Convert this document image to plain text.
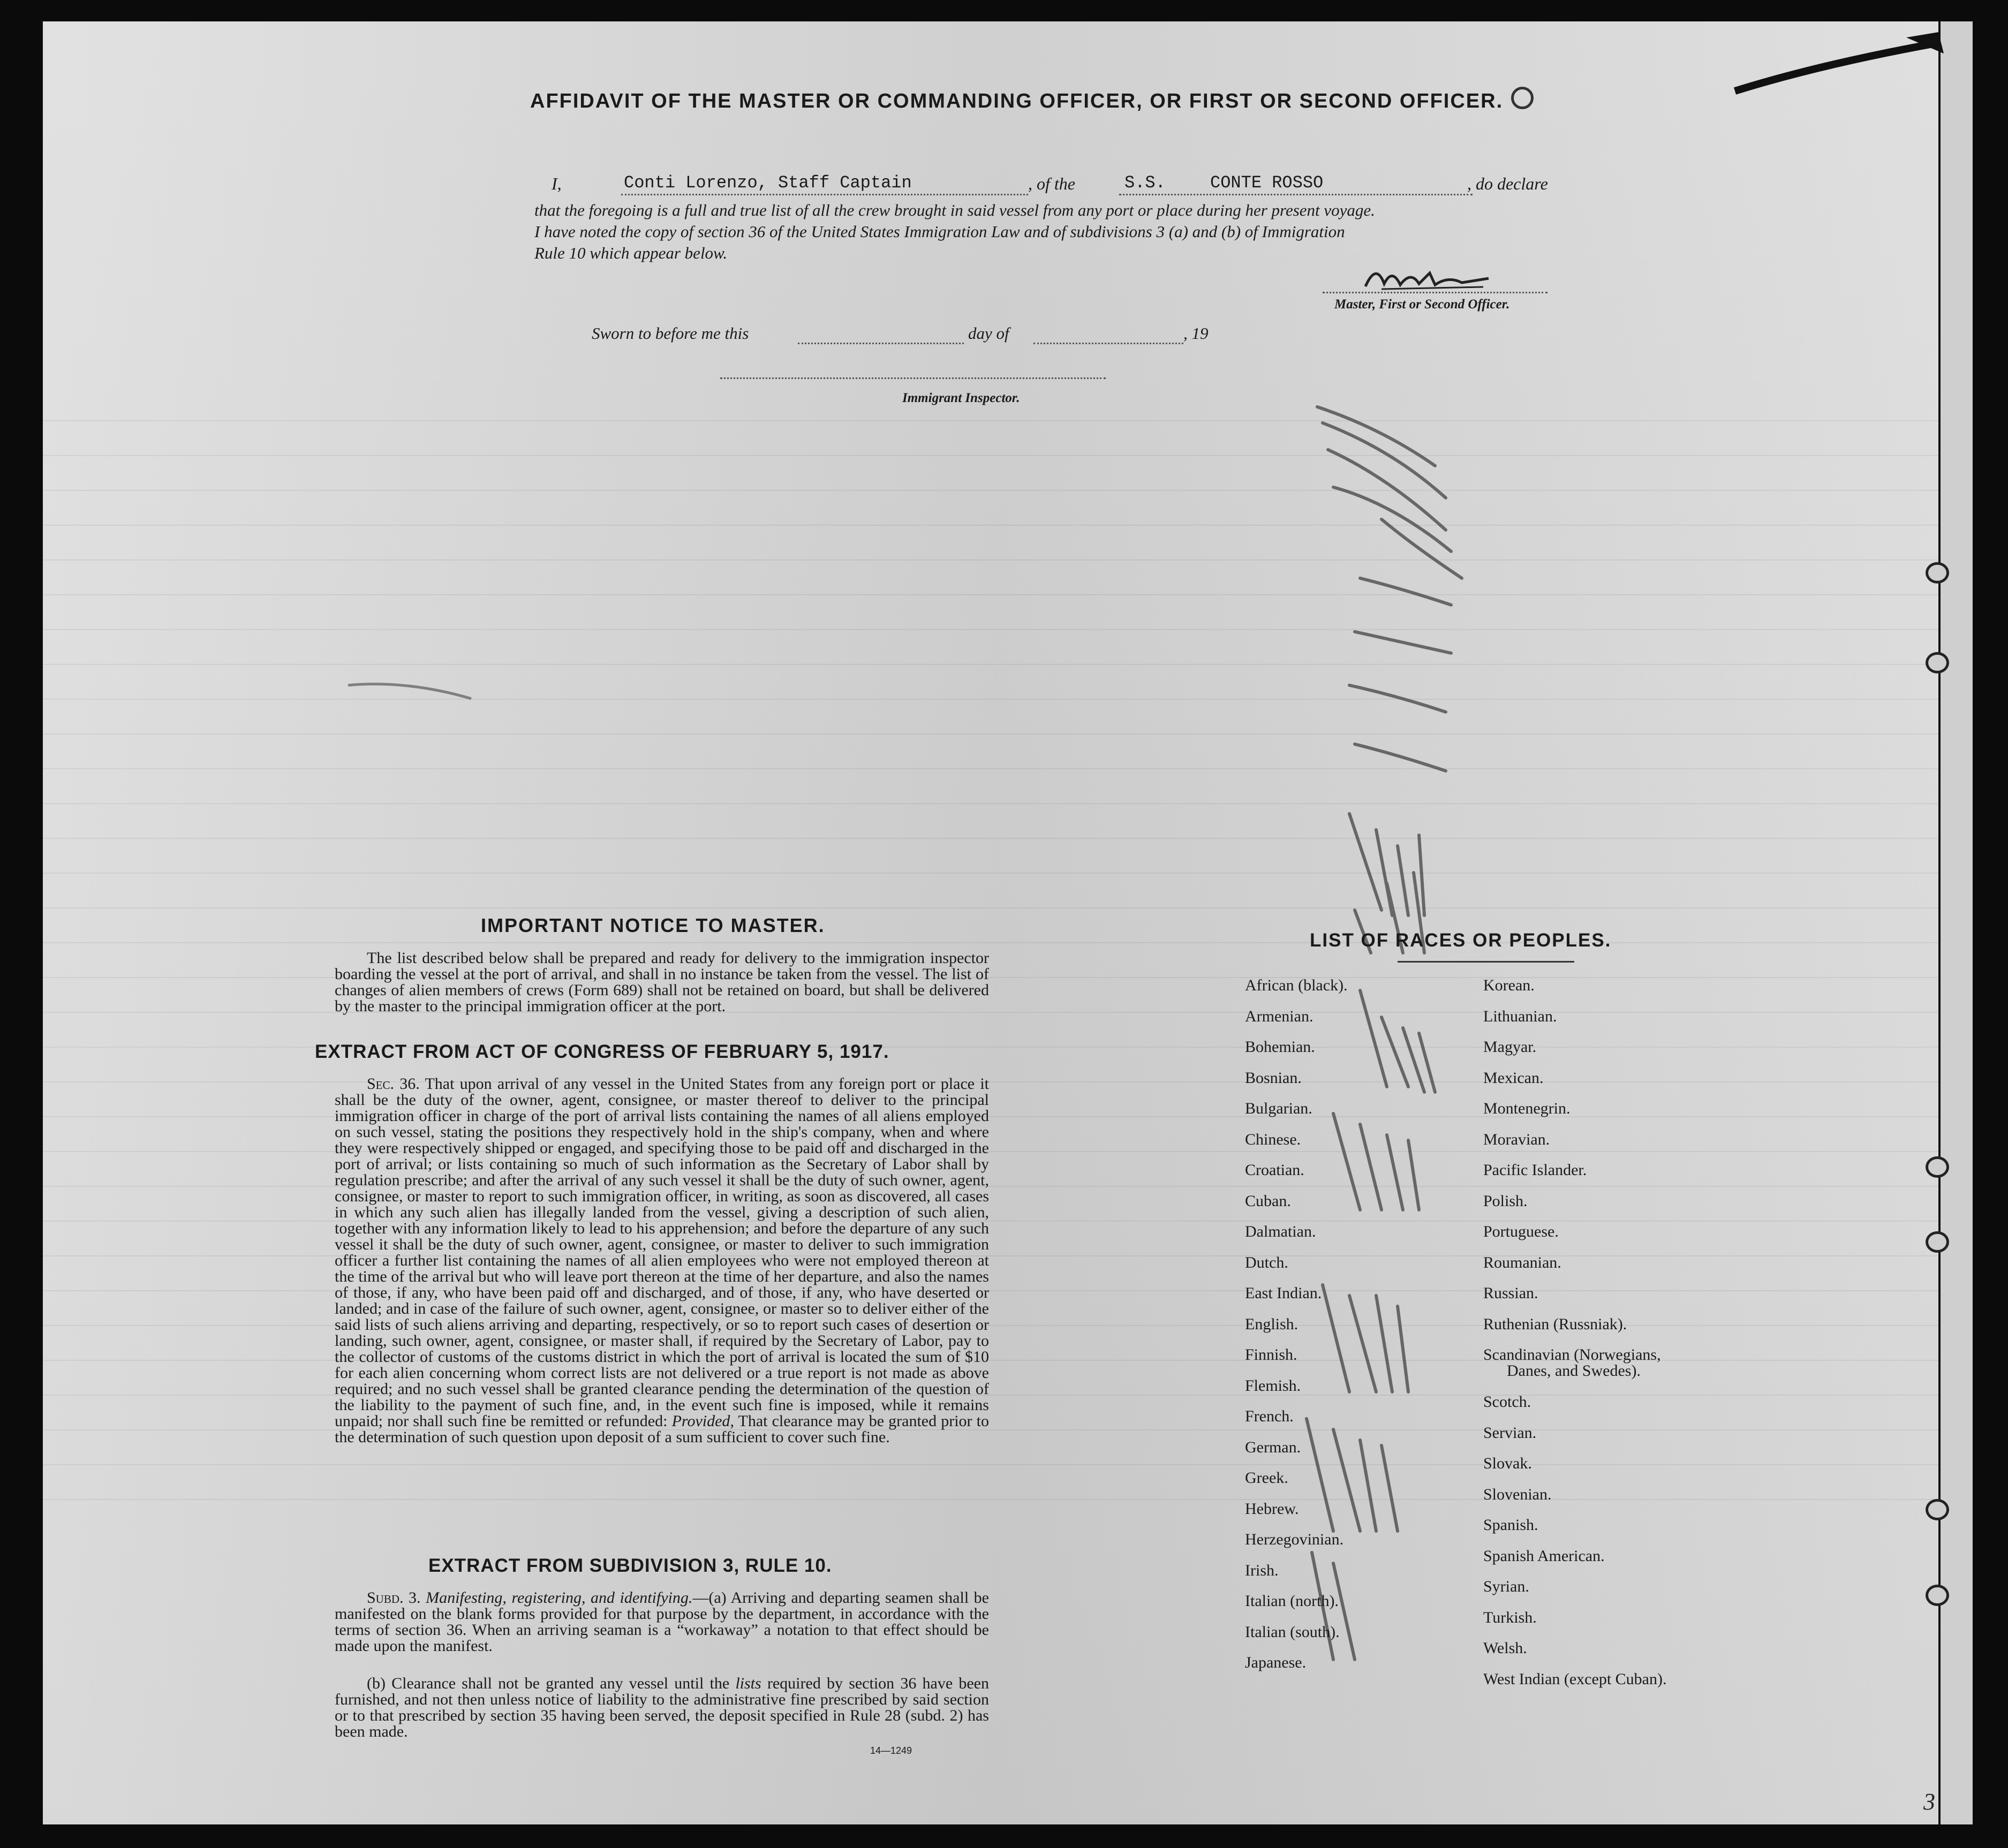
AFFIDAVIT OF THE MASTER OR COMMANDING OFFICER, OR FIRST OR SECOND OFFICER.
I,	Conti Lorenzo, Staff Captain	, of the	S.S.	CONTE ROSSO	, do declare
that the foregoing is a full and true list of all the crew brought in said vessel from any port or place during her present voyage.
I have noted the copy of section 36 of the United States Immigration Law and of subdivisions 3 (a) and (b) of Immigration
Rule 10 which appear below.
Master, First or Second Officer.
Sworn to before me this	day of	, 19
Immigrant Inspector.
IMPORTANT NOTICE TO MASTER.
The list described below shall be prepared and ready for delivery to the immigration inspector boarding the vessel at the port of arrival, and shall in no instance be taken from the vessel. The list of changes of alien members of crews (Form 689) shall not be retained on board, but shall be delivered by the master to the principal immigration officer at the port.
EXTRACT FROM ACT OF CONGRESS OF FEBRUARY 5, 1917.
Sec. 36. That upon arrival of any vessel in the United States from any foreign port or place it shall be the duty of the owner, agent, consignee, or master thereof to deliver to the principal immigration officer in charge of the port of arrival lists containing the names of all aliens employed on such vessel, stating the positions they respectively hold in the ship's company, when and where they were respectively shipped or engaged, and specifying those to be paid off and discharged in the port of arrival; or lists containing so much of such information as the Secretary of Labor shall by regulation prescribe; and after the arrival of any such vessel it shall be the duty of such owner, agent, consignee, or master to report to such immigration officer, in writing, as soon as discovered, all cases in which any such alien has illegally landed from the vessel, giving a description of such alien, together with any information likely to lead to his apprehension; and before the departure of any such vessel it shall be the duty of such owner, agent, consignee, or master to deliver to such immigration officer a further list containing the names of all alien employees who were not employed thereon at the time of the arrival but who will leave port thereon at the time of her departure, and also the names of those, if any, who have been paid off and discharged, and of those, if any, who have deserted or landed; and in case of the failure of such owner, agent, consignee, or master so to deliver either of the said lists of such aliens arriving and departing, respectively, or so to report such cases of desertion or landing, such owner, agent, consignee, or master shall, if required by the Secretary of Labor, pay to the collector of customs of the customs district in which the port of arrival is located the sum of $10 for each alien concerning whom correct lists are not delivered or a true report is not made as above required; and no such vessel shall be granted clearance pending the determination of the question of the liability to the payment of such fine, and, in the event such fine is imposed, while it remains unpaid; nor shall such fine be remitted or refunded: Provided, That clearance may be granted prior to the determination of such question upon deposit of a sum sufficient to cover such fine.
EXTRACT FROM SUBDIVISION 3, RULE 10.
Subd. 3. Manifesting, registering, and identifying.—(a) Arriving and departing seamen shall be manifested on the blank forms provided for that purpose by the department, in accordance with the terms of section 36. When an arriving seaman is a “workaway” a notation to that effect should be made upon the manifest.
(b) Clearance shall not be granted any vessel until the lists required by section 36 have been furnished, and not then unless notice of liability to the administrative fine prescribed by said section or to that prescribed by section 35 having been served, the deposit specified in Rule 28 (subd. 2) has been made.
14—1249
LIST OF RACES OR PEOPLES.
African (black).
Armenian.
Bohemian.
Bosnian.
Bulgarian.
Chinese.
Croatian.
Cuban.
Dalmatian.
Dutch.
East Indian.
English.
Finnish.
Flemish.
French.
German.
Greek.
Hebrew.
Herzegovinian.
Irish.
Italian (north).
Italian (south).
Japanese.
Korean.
Lithuanian.
Magyar.
Mexican.
Montenegrin.
Moravian.
Pacific Islander.
Polish.
Portuguese.
Roumanian.
Russian.
Ruthenian (Russniak).
Scandinavian (Norwegians,
Danes, and Swedes).
Scotch.
Servian.
Slovak.
Slovenian.
Spanish.
Spanish American.
Syrian.
Turkish.
Welsh.
West Indian (except Cuban).
3
